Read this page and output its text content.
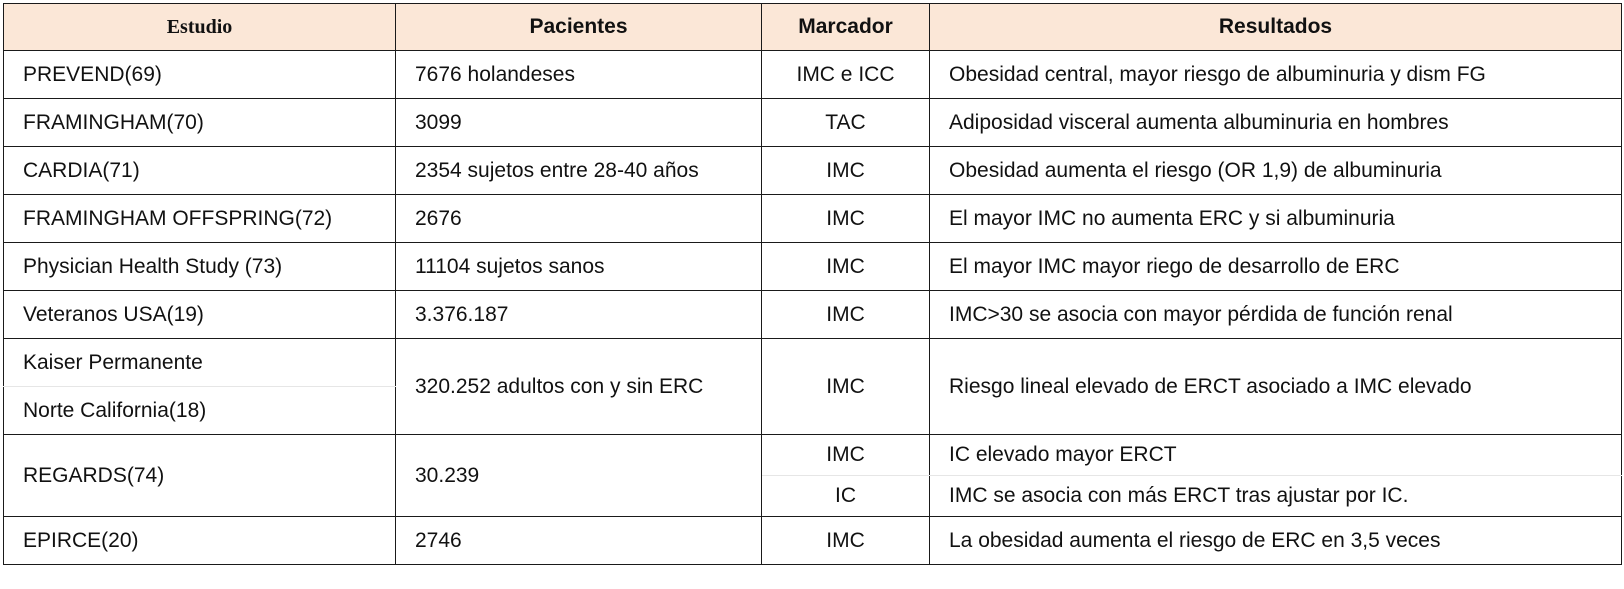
Estudio	Pacientes	Marcador	Resultados
PREVEND(69)	7676 holandeses	IMC e ICC	Obesidad central, mayor riesgo de albuminuria y dism FG
FRAMINGHAM(70)	3099	TAC	Adiposidad visceral aumenta albuminuria en hombres
CARDIA(71)	2354 sujetos entre 28-40 años	IMC	Obesidad aumenta el riesgo (OR 1,9) de albuminuria
FRAMINGHAM OFFSPRING(72)	2676	IMC	El mayor IMC no aumenta ERC y si albuminuria
Physician Health Study (73)	11104 sujetos sanos	IMC	El mayor IMC mayor riego de desarrollo de ERC
Veteranos USA(19)	3.376.187	IMC	IMC>30 se asocia con mayor pérdida de función renal
Kaiser Permanente	320.252 adultos con y sin ERC	IMC	Riesgo lineal elevado de ERCT asociado a IMC elevado
Norte California(18)			
REGARDS(74)	30.239	IMC	IC elevado mayor ERCT
		IC	IMC se asocia con más ERCT tras ajustar por IC.
EPIRCE(20)	2746	IMC	La obesidad aumenta el riesgo de ERC en 3,5 veces
